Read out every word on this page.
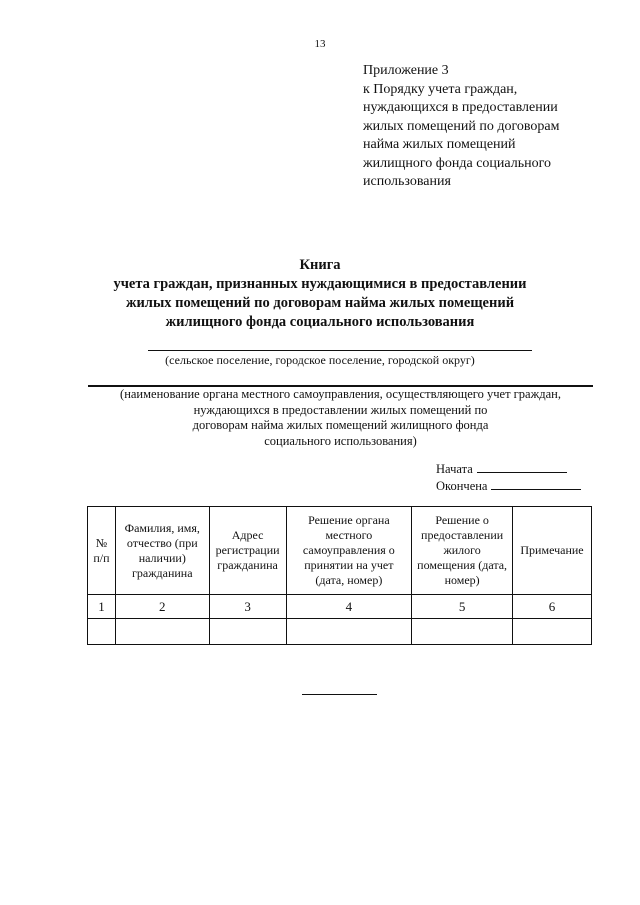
13
Приложение 3
к Порядку учета граждан,
нуждающихся в предоставлении
жилых помещений по договорам
найма жилых помещений
жилищного фонда социального
использования
Книга
учета граждан, признанных нуждающимися в предоставлении
жилых помещений по договорам найма жилых помещений
жилищного фонда социального использования
(сельское поселение, городское поселение, городской округ)
(наименование органа местного самоуправления, осуществляющего учет граждан,
нуждающихся в предоставлении жилых помещений по
договорам найма жилых помещений жилищного фонда
социального использования)
Начата
Окончена
№ п/п	Фамилия, имя, отчество (при наличии) гражданина	Адрес регистрации гражданина	Решение органа местного самоуправления о принятии на учет (дата, номер)	Решение о предоставлении жилого помещения (дата, номер)	Примечание
1	2	3	4	5	6
